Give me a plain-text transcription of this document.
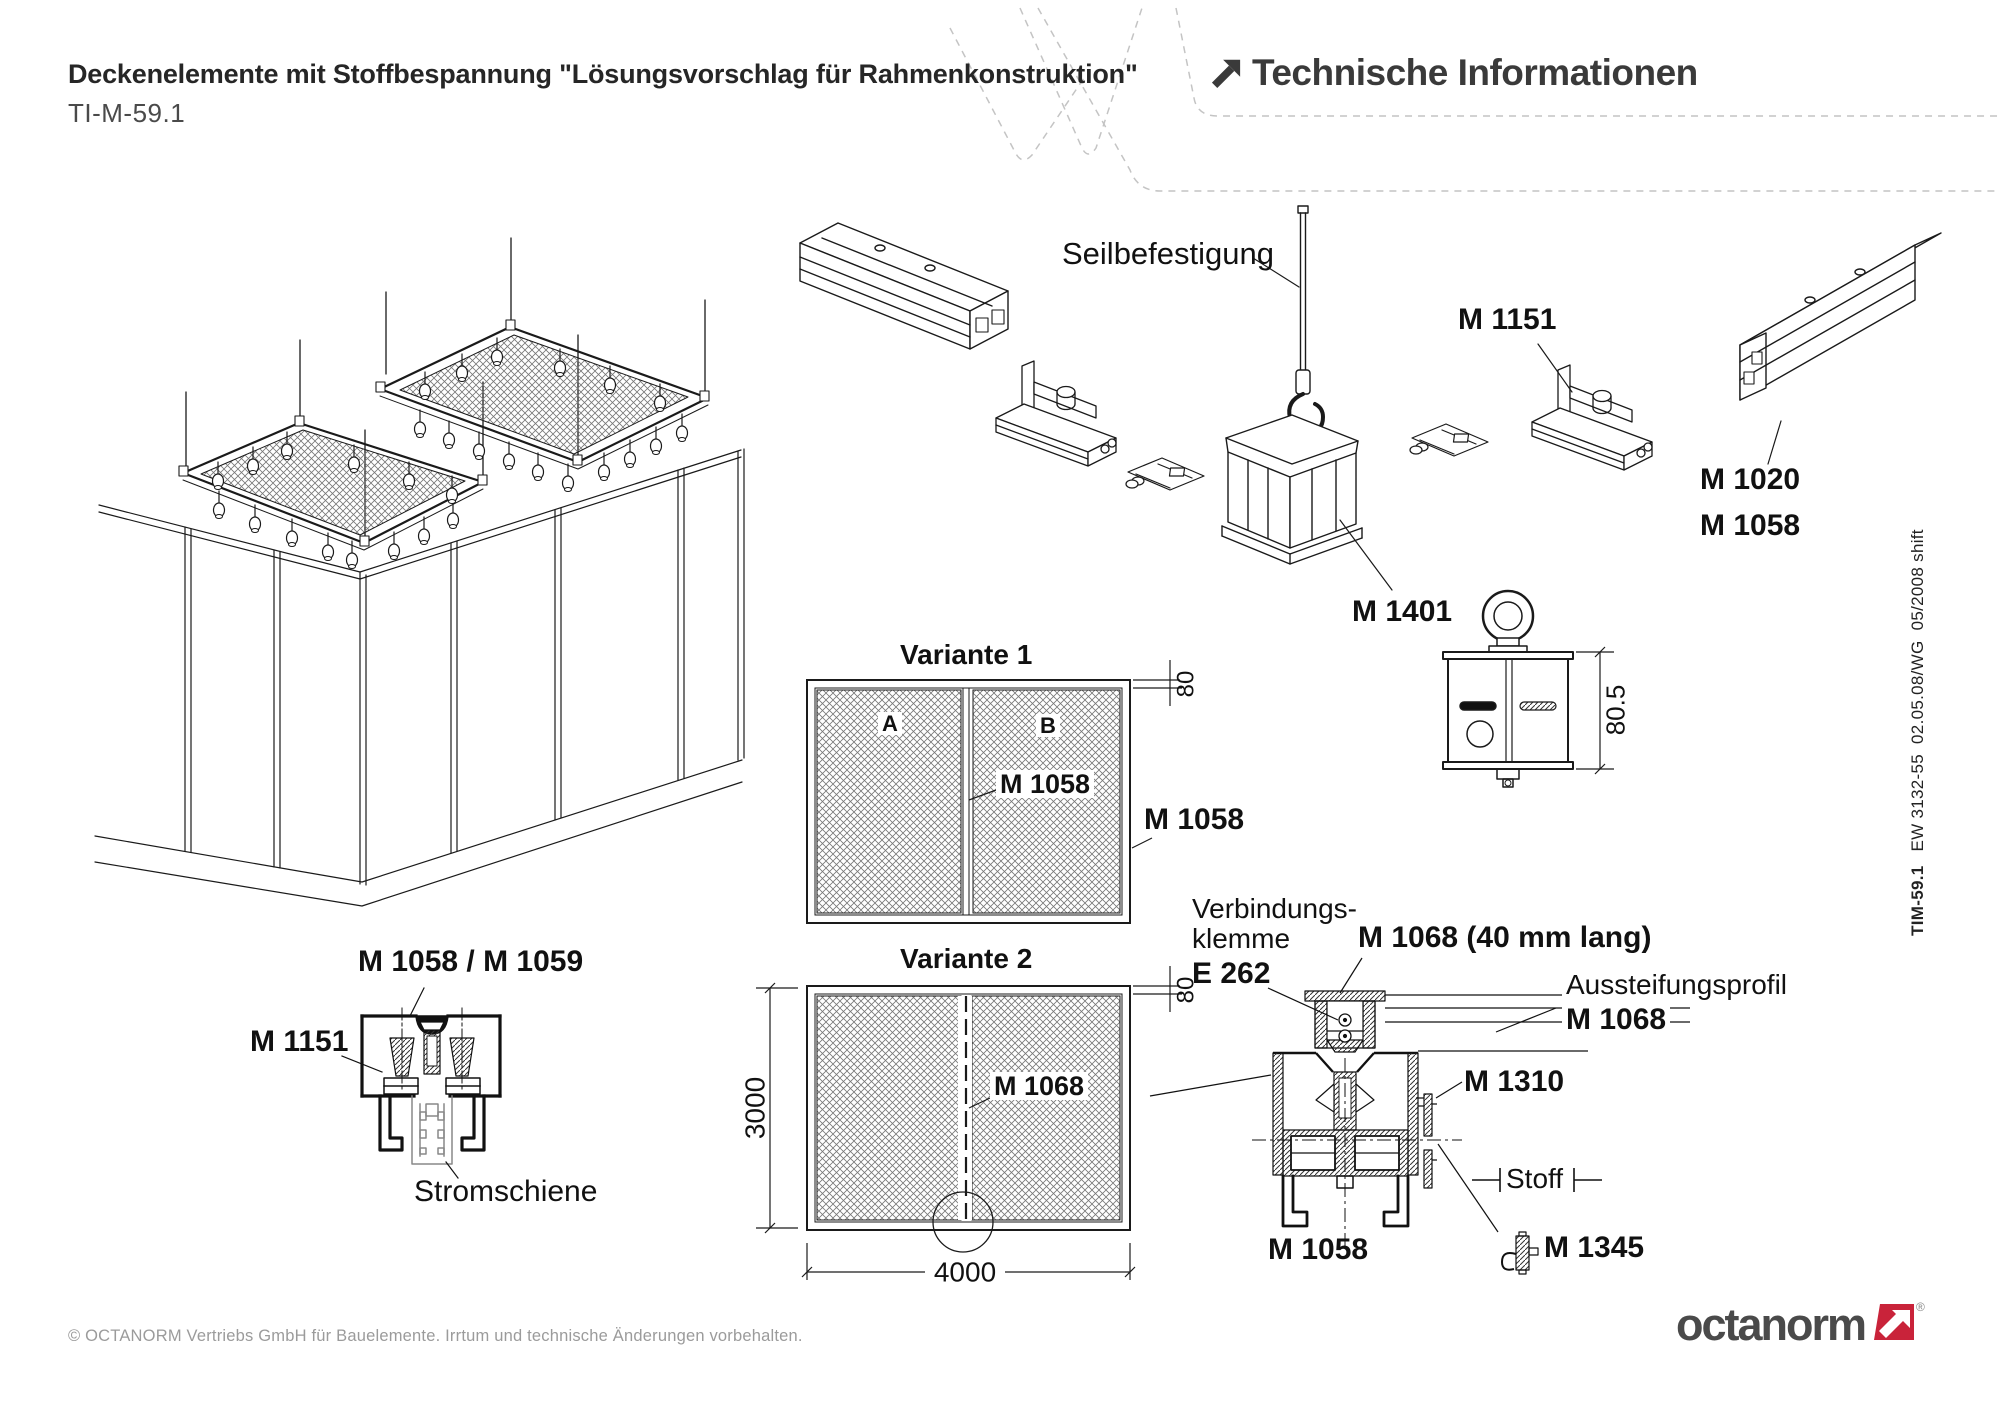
Deckenelemente mit Stoffbespannung "Lösungsvorschlag für Rahmenkonstruktion"
TI-M-59.1
Technische Informationen
Seilbefestigung
M 1151
M 1020
M 1058
M 1401
80.5
Variante 1
A	B
M 1058
M 1058
80
Variante 2
M 1068
80
3000
4000
Verbindungs-
klemme
E 262
M 1068 (40 mm lang)
Aussteifungsprofil
M 1068
M 1310
Stoff
M 1345
M 1058
M 1058 / M 1059
M 1151
Stromschiene

TIM-59.1EW 3132-55  02.05.08/WG  05/2008 shift

© OCTANORM Vertriebs GmbH für Bauelemente. Irrtum und technische Änderungen vorbehalten.	octanorm	®
